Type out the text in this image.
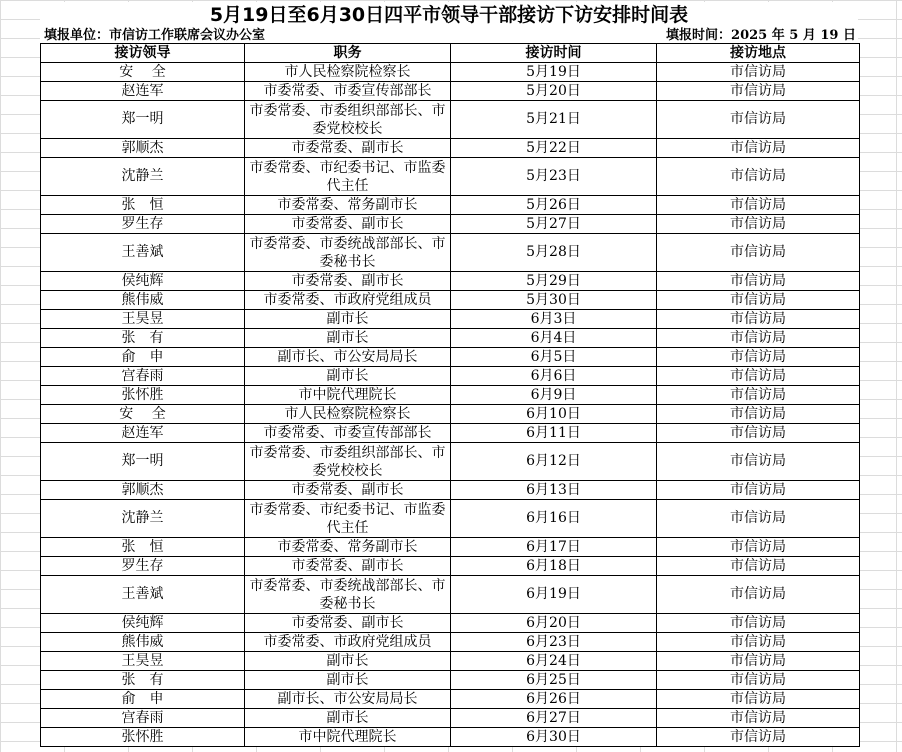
5月19日至6月30日四平市领导干部接访下访安排时间表
填报单位：市信访工作联席会议办公室	填报时间：2025 年 5 月 19 日
接访领导	职务	接访时间	接访地点
安　 全	市人民检察院检察长	5月19日	市信访局
赵连军	市委常委、市委宣传部部长	5月20日	市信访局
郑一明	市委常委、市委组织部部长、市委党校校长	5月21日	市信访局
郭顺杰	市委常委、副市长	5月22日	市信访局
沈静兰	市委常委、市纪委书记、市监委代主任	5月23日	市信访局
张　恒	市委常委、常务副市长	5月26日	市信访局
罗生存	市委常委、副市长	5月27日	市信访局
王善斌	市委常委、市委统战部部长、市委秘书长	5月28日	市信访局
侯纯辉	市委常委、副市长	5月29日	市信访局
熊伟威	市委常委、市政府党组成员	5月30日	市信访局
王昊昱	副市长	6月3日	市信访局
张　有	副市长	6月4日	市信访局
俞　申	副市长、市公安局局长	6月5日	市信访局
宫春雨	副市长	6月6日	市信访局
张怀胜	市中院代理院长	6月9日	市信访局
安　 全	市人民检察院检察长	6月10日	市信访局
赵连军	市委常委、市委宣传部部长	6月11日	市信访局
郑一明	市委常委、市委组织部部长、市委党校校长	6月12日	市信访局
郭顺杰	市委常委、副市长	6月13日	市信访局
沈静兰	市委常委、市纪委书记、市监委代主任	6月16日	市信访局
张　恒	市委常委、常务副市长	6月17日	市信访局
罗生存	市委常委、副市长	6月18日	市信访局
王善斌	市委常委、市委统战部部长、市委秘书长	6月19日	市信访局
侯纯辉	市委常委、副市长	6月20日	市信访局
熊伟威	市委常委、市政府党组成员	6月23日	市信访局
王昊昱	副市长	6月24日	市信访局
张　有	副市长	6月25日	市信访局
俞　申	副市长、市公安局局长	6月26日	市信访局
宫春雨	副市长	6月27日	市信访局
张怀胜	市中院代理院长	6月30日	市信访局
